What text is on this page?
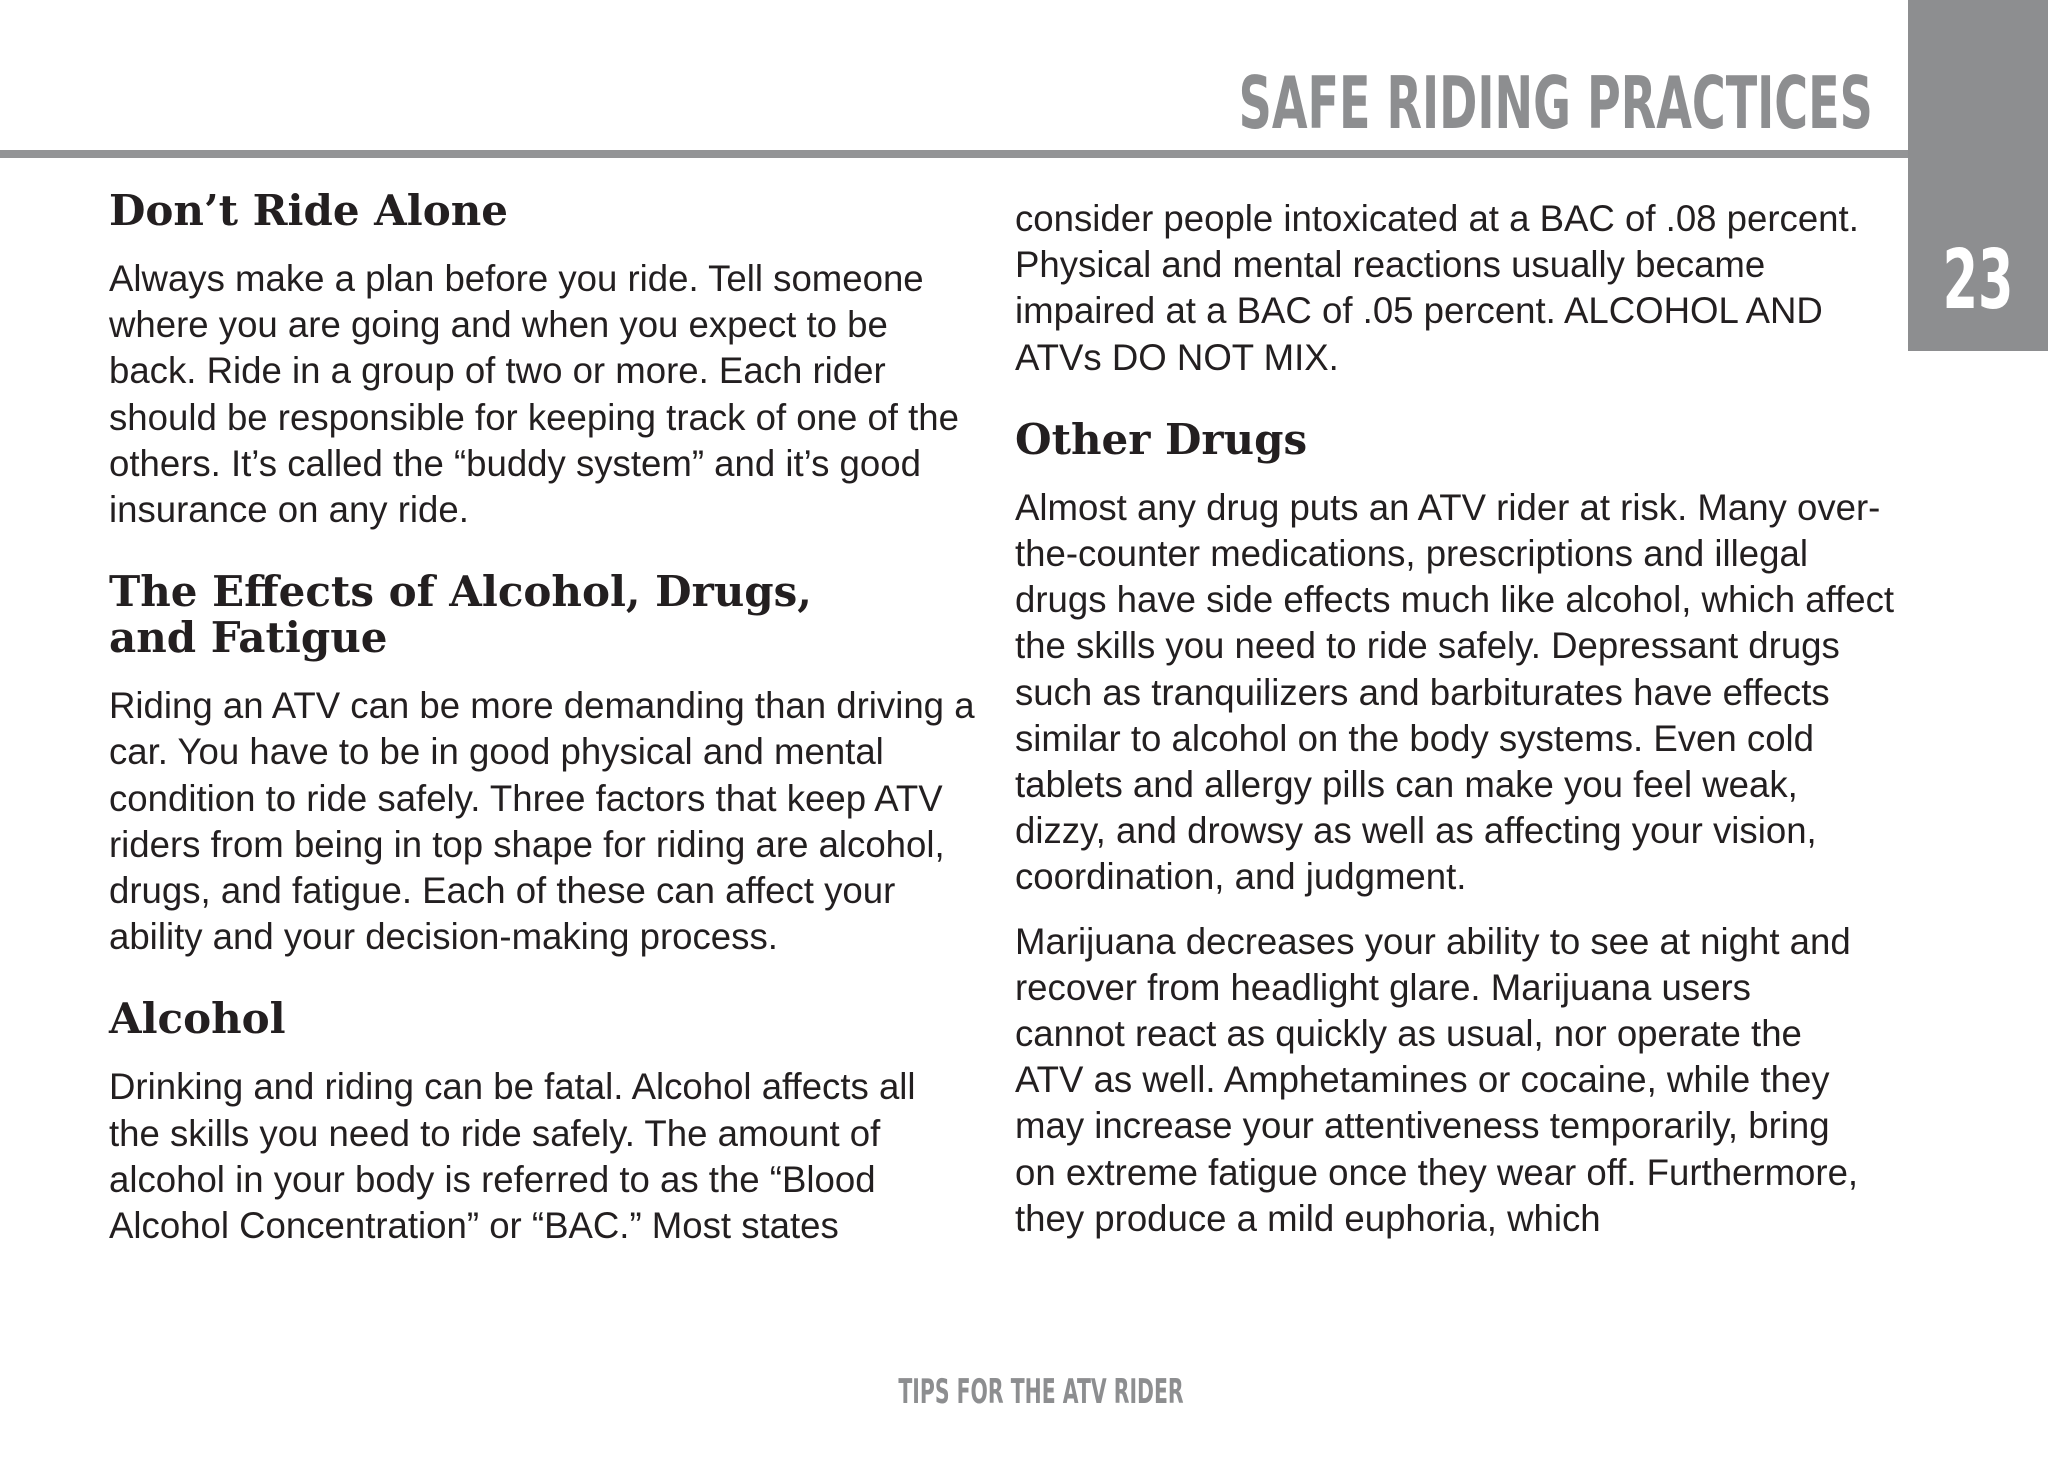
SAFE RIDING PRACTICES
23
Don’t Ride Alone

Always make a plan before you ride. Tell someone where you are going and when you expect to be back. Ride in a group of two or more. Each rider should be responsible for keeping track of one of the others. It’s called the “buddy system” and it’s good insurance on any ride.

The Effects of Alcohol, Drugs, and Fatigue

Riding an ATV can be more demanding than driving a car. You have to be in good physical and mental condition to ride safely. Three factors that keep ATV riders from being in top shape for riding are alcohol, drugs, and fatigue. Each of these can affect your ability and your decision-making process.

Alcohol

Drinking and riding can be fatal. Alcohol affects all the skills you need to ride safely. The amount of alcohol in your body is referred to as the “Blood Alcohol Concentration” or “BAC.” Most states

consider people intoxicated at a BAC of .08 percent. Physical and mental reactions usually became impaired at a BAC of .05 percent. ALCOHOL AND ATVs DO NOT MIX.

Other Drugs

Almost any drug puts an ATV rider at risk. Many over-the-counter medications, prescriptions and illegal drugs have side effects much like alcohol, which affect the skills you need to ride safely. Depressant drugs such as tranquilizers and barbiturates have effects similar to alcohol on the body systems. Even cold tablets and allergy pills can make you feel weak, dizzy, and drowsy as well as affecting your vision, coordination, and judgment.

Marijuana decreases your ability to see at night and recover from headlight glare. Marijuana users cannot react as quickly as usual, nor operate the ATV as well. Amphetamines or cocaine, while they may increase your attentiveness temporarily, bring on extreme fatigue once they wear off. Furthermore, they produce a mild euphoria, which

TIPS FOR THE ATV RIDER
